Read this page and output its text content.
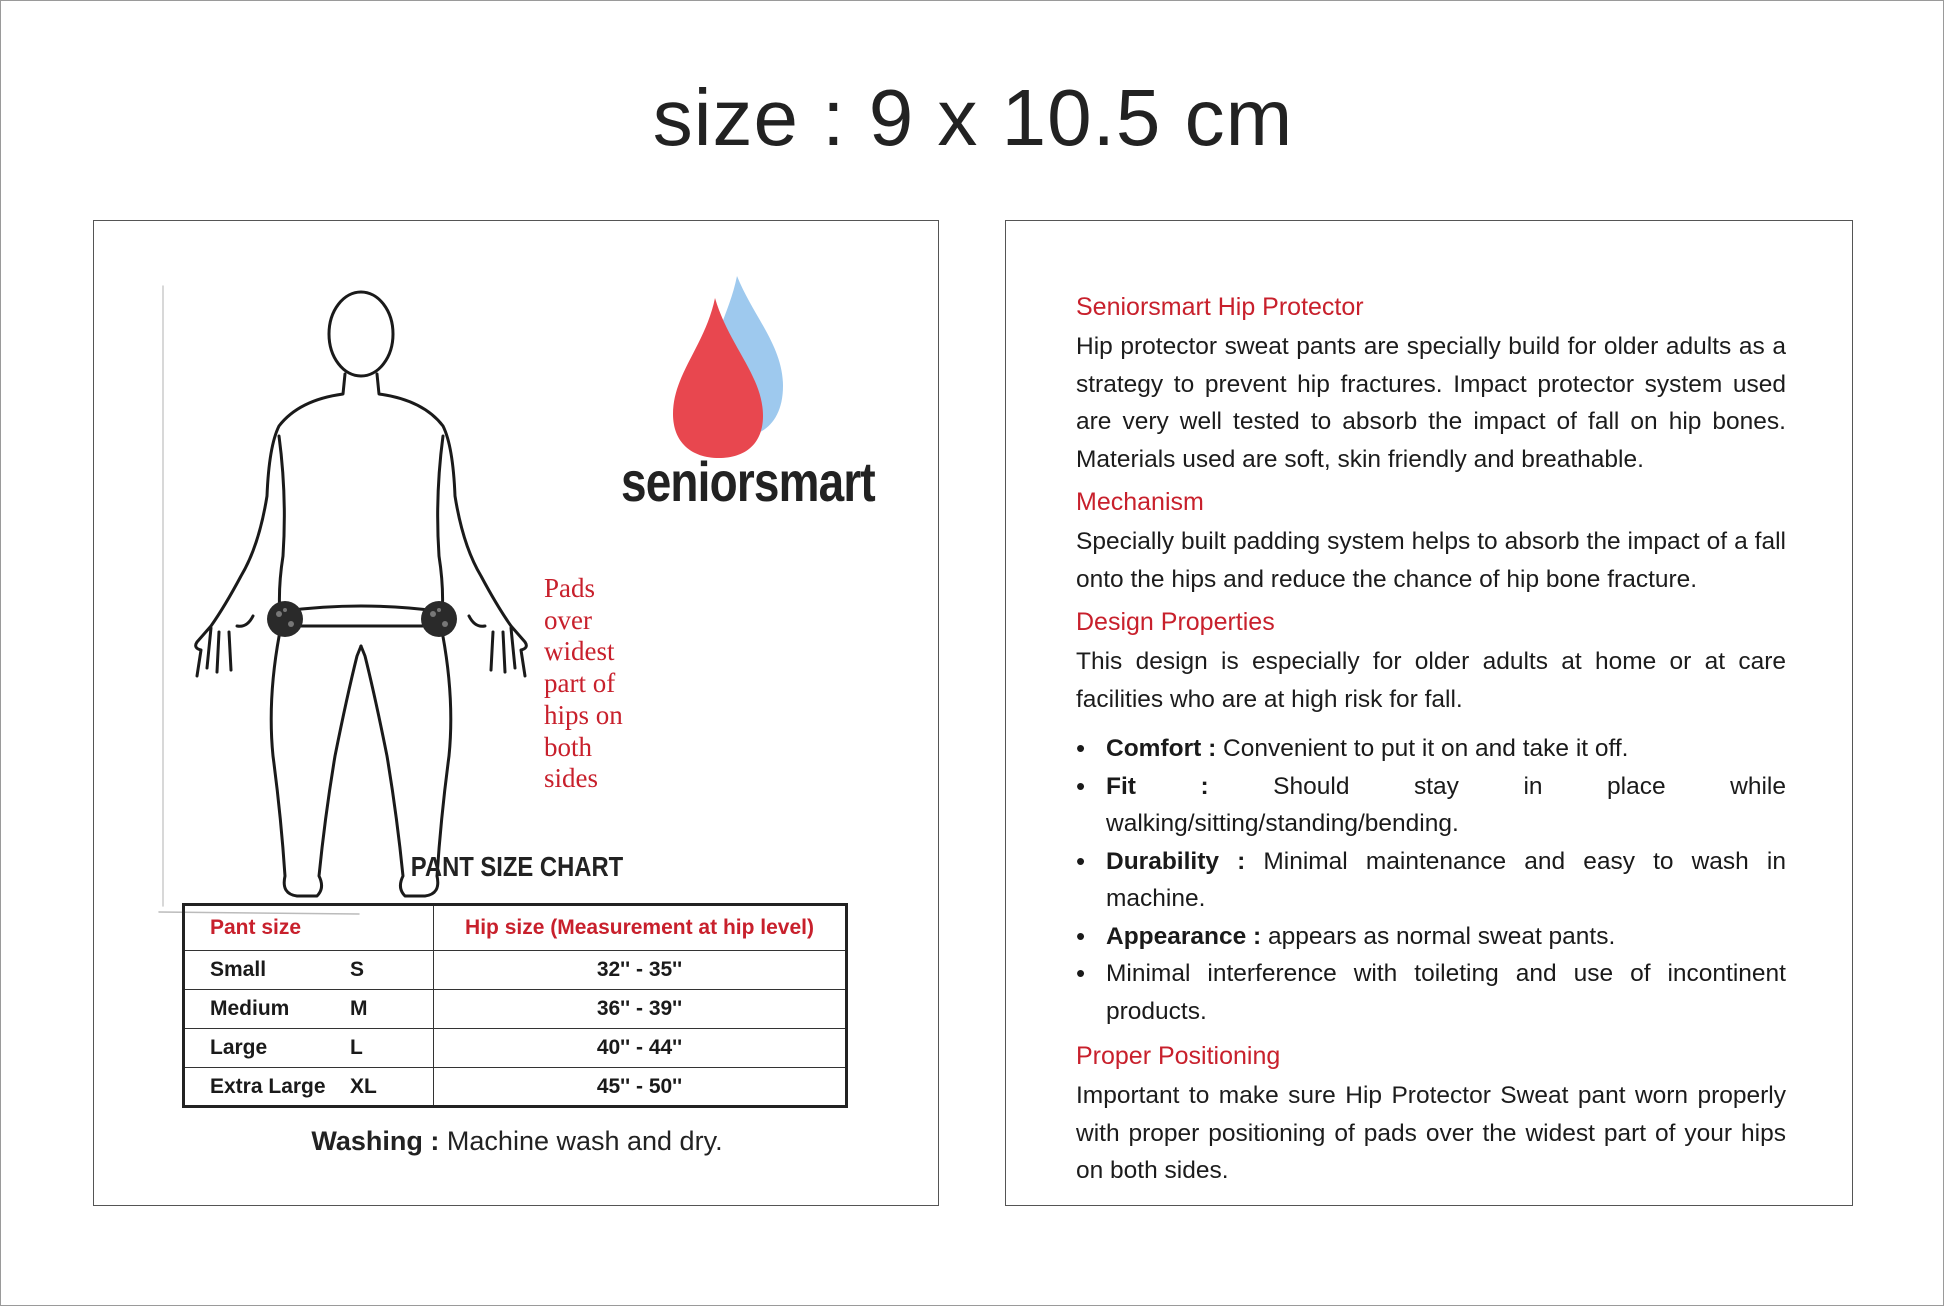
size : 9 x 10.5 cm
seniorsmart
Pads
over
widest
part of
hips on
both
sides
PANT SIZE CHART
Pant size	Hip size (Measurement at hip level)
Small S	32'' - 35''
Medium M	36'' - 39''
Large L	40'' - 44''
Extra Large XL	45'' - 50''
Washing : Machine wash and dry.
Seniorsmart Hip Protector

Hip protector sweat pants are specially build for older adults as a strategy to prevent hip fractures. Impact protector system used are very well tested to absorb the impact of fall on hip bones. Materials used are soft, skin friendly and breathable.

Mechanism

Specially built padding system helps to absorb the impact of a fall onto the hips and reduce the chance of hip bone fracture.

Design Properties

This design is especially for older adults at home or at care facilities who are at high risk for fall.

• Comfort : Convenient to put it on and take it off.
• Fit : Should stay in place while walking/sitting/standing/bending.
• Durability : Minimal maintenance and easy to wash in machine.
• Appearance : appears as normal sweat pants.
• Minimal interference with toileting and use of incontinent products.
Proper Positioning

Important to make sure Hip Protector Sweat pant worn properly with proper positioning of pads over the widest part of your hips on both sides.
